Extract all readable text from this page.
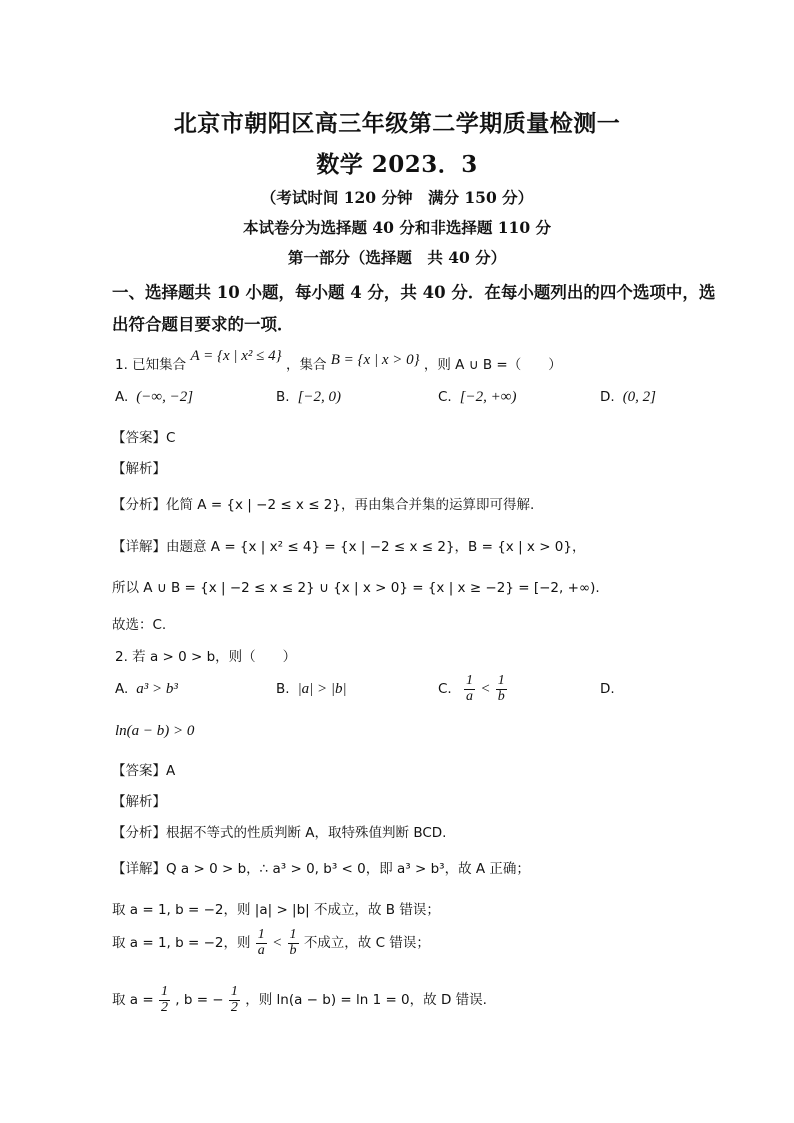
北京市朝阳区高三年级第二学期质量检测一
数学 2023．3
（考试时间 120 分钟　满分 150 分）
本试卷分为选择题 40 分和非选择题 110 分
第一部分（选择题　共 40 分）
一、选择题共 10 小题，每小题 4 分，共 40 分．在每小题列出的四个选项中，选
出符合题目要求的一项．
1. 已知集合 A = {x | x² ≤ 4} ，集合 B = {x | x > 0} ，则 A ∪ B =（　　）
A. (−∞, −2]	B. [−2, 0)	C. [−2, +∞)	D. (0, 2]
【答案】C
【解析】
【分析】化简 A = {x | −2 ≤ x ≤ 2}，再由集合并集的运算即可得解.
【详解】由题意 A = {x | x² ≤ 4} = {x | −2 ≤ x ≤ 2}，B = {x | x > 0}，
所以 A ∪ B = {x | −2 ≤ x ≤ 2} ∪ {x | x > 0} = {x | x ≥ −2} = [−2, +∞).
故选：C.
2. 若 a > 0 > b，则（　　）
A. a³ > b³	B. |a| > |b|	C. $\frac{1}{a} < \frac{1}{b}$	D.
ln(a − b) > 0
【答案】A
【解析】
【分析】根据不等式的性质判断 A，取特殊值判断 BCD.
【详解】Q a > 0 > b，∴ a³ > 0, b³ < 0，即 a³ > b³，故 A 正确；
取 a = 1, b = −2，则 |a| > |b| 不成立，故 B 错误；
取 a = 1, b = −2，则 $\frac{1}{a} < \frac{1}{b}$ 不成立，故 C 错误；
取 $a = \frac{1}{2}$ , b = − $\frac{1}{2}$ ，则 ln(a − b) = ln 1 = 0，故 D 错误.
